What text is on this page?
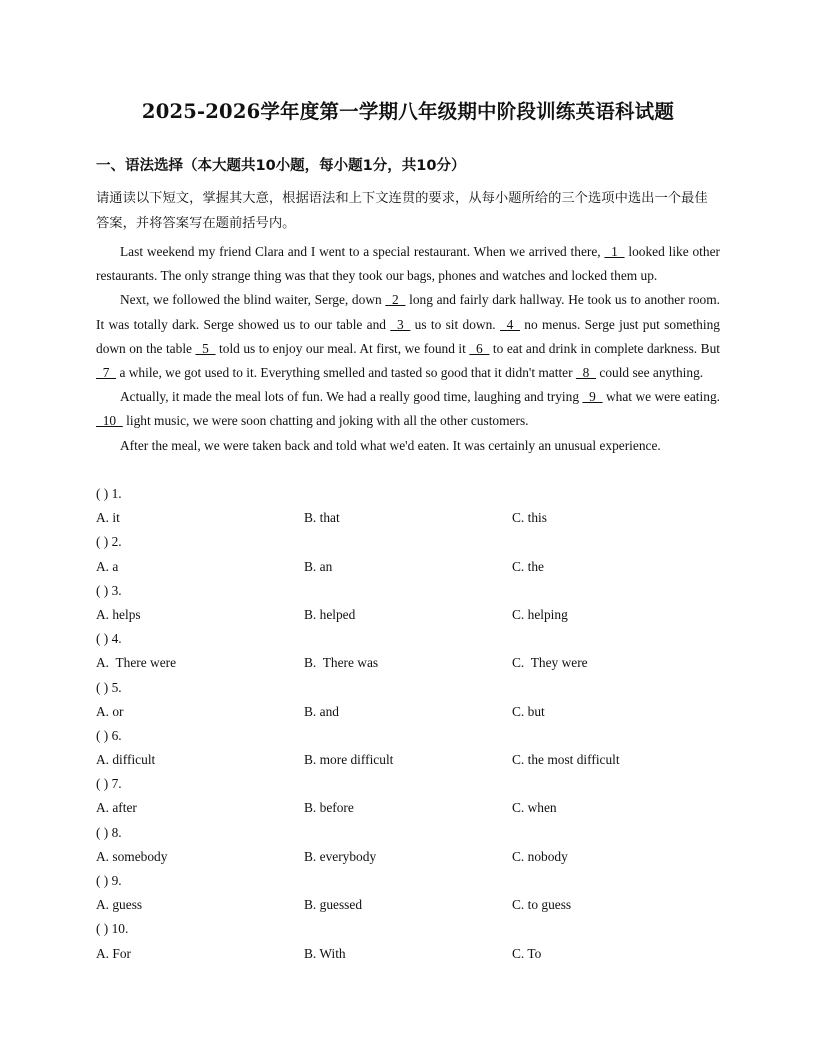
2025-2026学年度第一学期八年级期中阶段训练英语科试题
一、语法选择（本大题共10小题，每小题1分，共10分）
请通读以下短文，掌握其大意，根据语法和上下文连贯的要求，从每小题所给的三个选项中选出一个最佳答案，并将答案写在题前括号内。

Last weekend my friend Clara and I went to a special restaurant. When we arrived there,   1   looked like other restaurants. The only strange thing was that they took our bags, phones and watches and locked them up.

Next, we followed the blind waiter, Serge, down   2   long and fairly dark hallway. He took us to another room. It was totally dark. Serge showed us to our table and   3   us to sit down.   4   no menus. Serge just put something down on the table   5   told us to enjoy our meal. At first, we found it   6   to eat and drink in complete darkness. But   7   a while, we got used to it. Everything smelled and tasted so good that it didn't matter   8   could see anything.

Actually, it made the meal lots of fun. We had a really good time, laughing and trying   9   what we were eating.   10   light music, we were soon chatting and joking with all the other customers.

After the meal, we were taken back and told what we'd eaten. It was certainly an unusual experience.

( ) 1.
A. it	B. that	C. this
( ) 2.
A. a	B. an	C. the
( ) 3.
A. helps	B. helped	C. helping
( ) 4.
A.  There were	B.  There was	C.  They were
( ) 5.
A. or	B. and	C. but
( ) 6.
A. difficult	B. more difficult	C. the most difficult
( ) 7.
A. after	B. before	C. when
( ) 8.
A. somebody	B. everybody	C. nobody
( ) 9.
A. guess	B. guessed	C. to guess
( ) 10.
A. For	B. With	C. To
